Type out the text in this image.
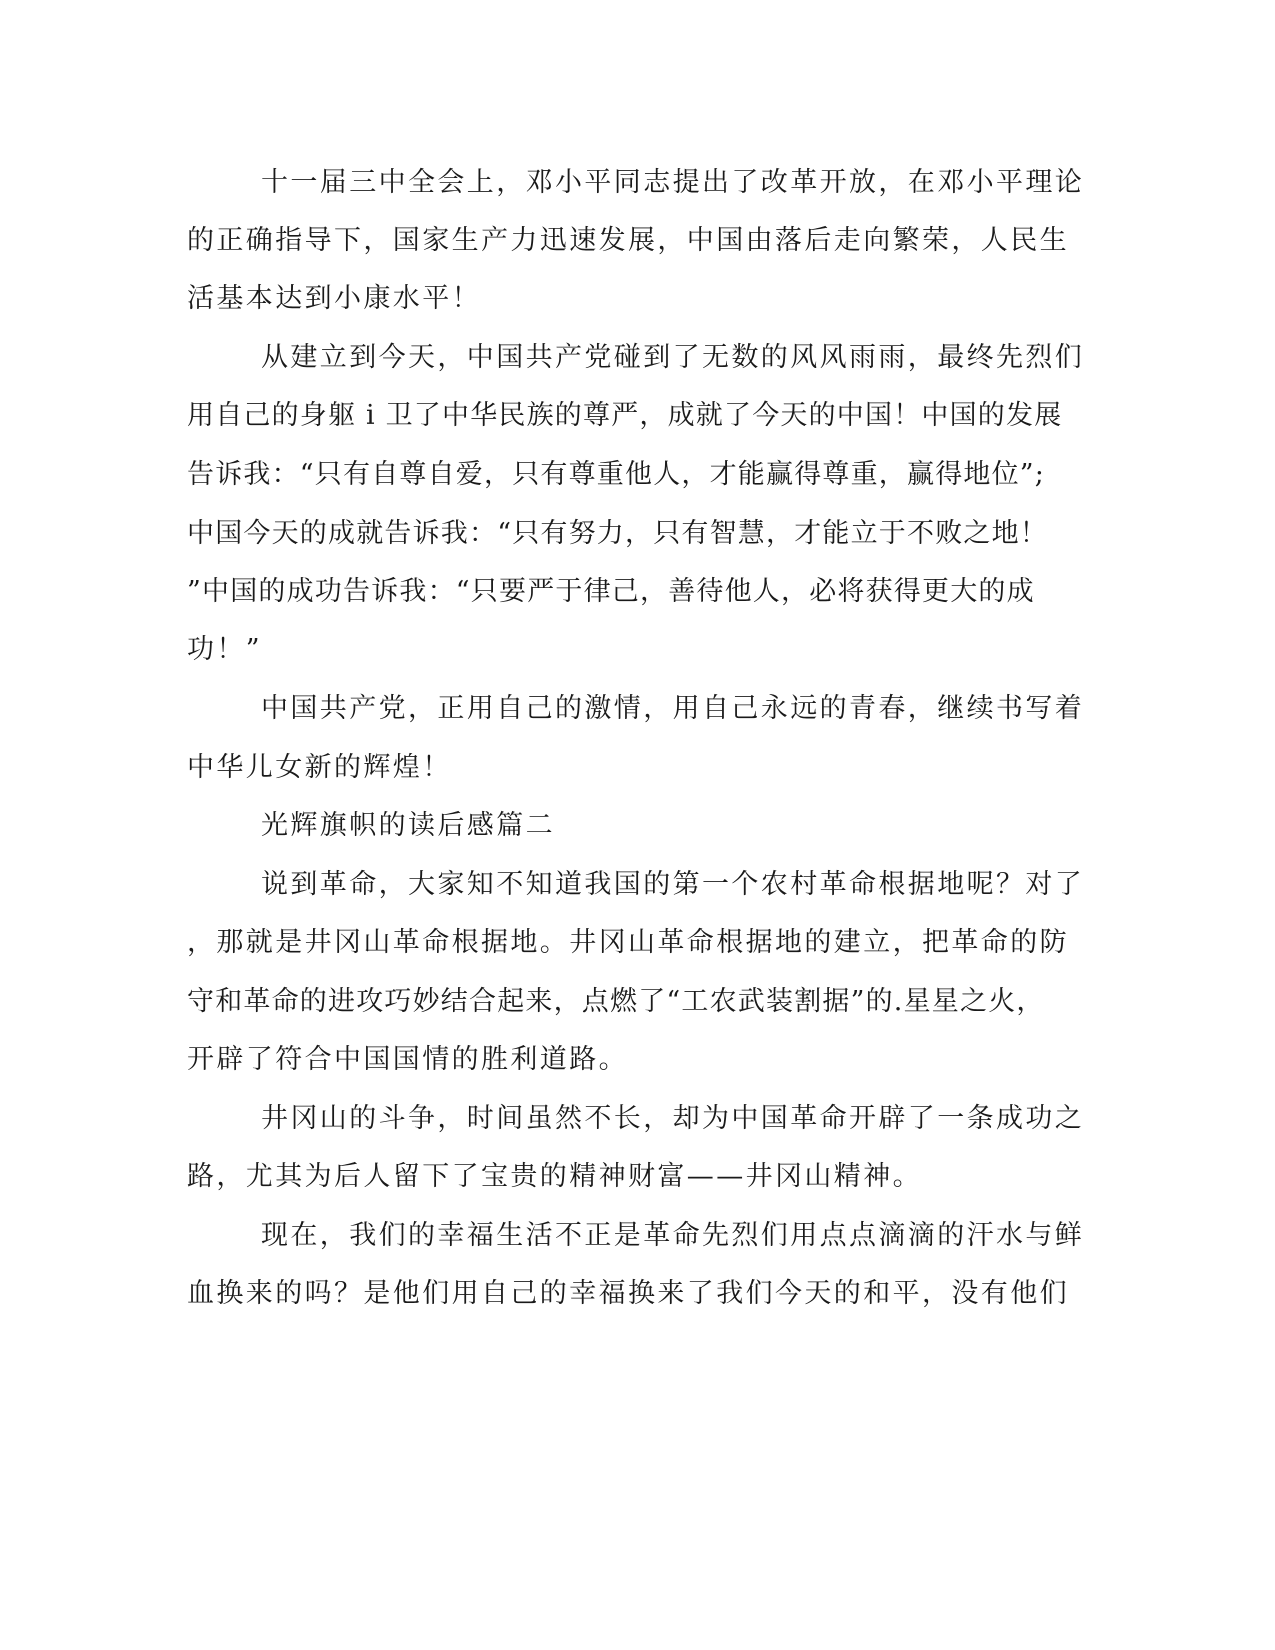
十一届三中全会上，邓小平同志提出了改革开放，在邓小平理论

的正确指导下，国家生产力迅速发展，中国由落后走向繁荣，人民生

活基本达到小康水平！

从建立到今天，中国共产党碰到了无数的风风雨雨，最终先烈们

用自己的身躯 i 卫了中华民族的尊严，成就了今天的中国！中国的发展

告诉我：“只有自尊自爱，只有尊重他人，才能赢得尊重，赢得地位”;

中国今天的成就告诉我：“只有努力，只有智慧，才能立于不败之地！

”中国的成功告诉我：“只要严于律己，善待他人，必将获得更大的成

功！”

中国共产党，正用自己的激情，用自己永远的青春，继续书写着

中华儿女新的辉煌！

光辉旗帜的读后感篇二

说到革命，大家知不知道我国的第一个农村革命根据地呢？对了

，那就是井冈山革命根据地。井冈山革命根据地的建立，把革命的防

守和革命的进攻巧妙结合起来，点燃了“工农武装割据”的.星星之火，

开辟了符合中国国情的胜利道路。

井冈山的斗争，时间虽然不长，却为中国革命开辟了一条成功之

路，尤其为后人留下了宝贵的精神财富——井冈山精神。

现在，我们的幸福生活不正是革命先烈们用点点滴滴的汗水与鲜

血换来的吗？是他们用自己的幸福换来了我们今天的和平，没有他们
